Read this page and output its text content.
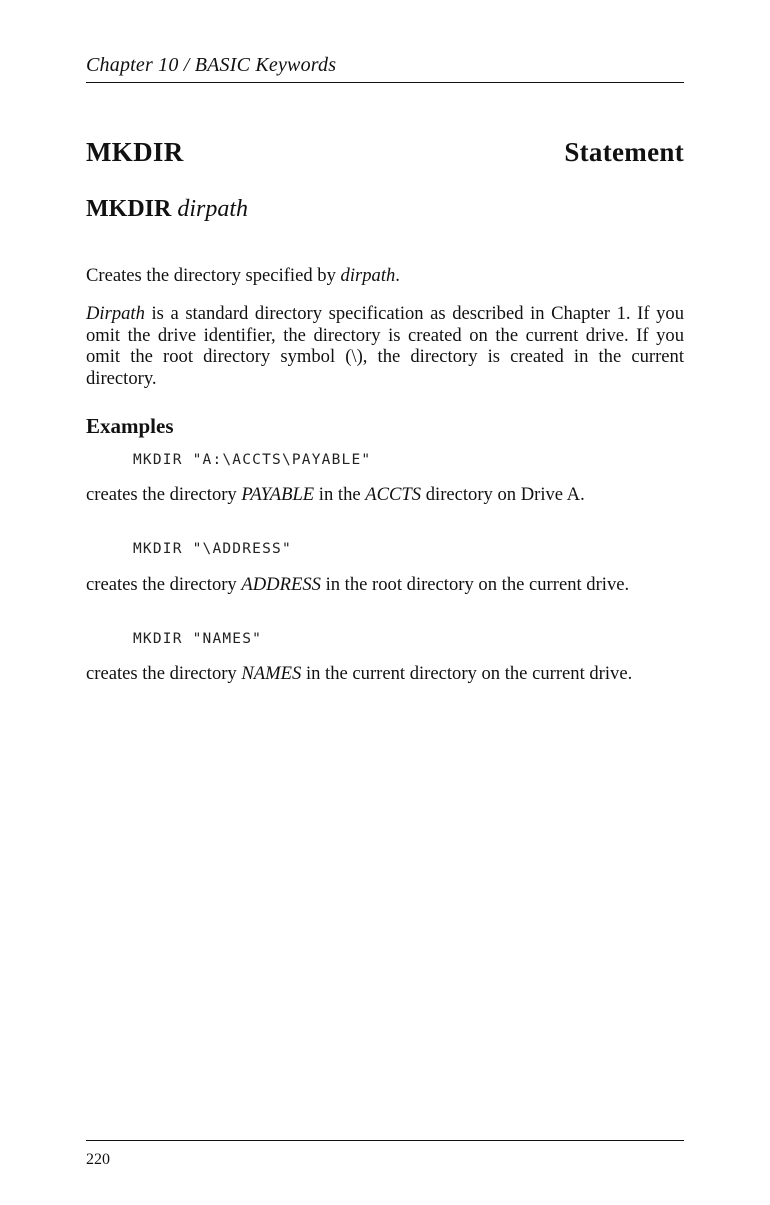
Chapter 10 / BASIC Keywords
MKDIR	Statement
MKDIR dirpath

Creates the directory specified by dirpath.

Dirpath is a standard directory specification as described in Chapter 1. If you omit the drive identifier, the directory is created on the current drive. If you omit the root directory symbol (\), the directory is created in the current directory.

Examples
MKDIR "A:\ACCTS\PAYABLE"

creates the directory PAYABLE in the ACCTS directory on Drive A.

MKDIR "\ADDRESS"

creates the directory ADDRESS in the root directory on the current drive.

MKDIR "NAMES"

creates the directory NAMES in the current directory on the current drive.

220
